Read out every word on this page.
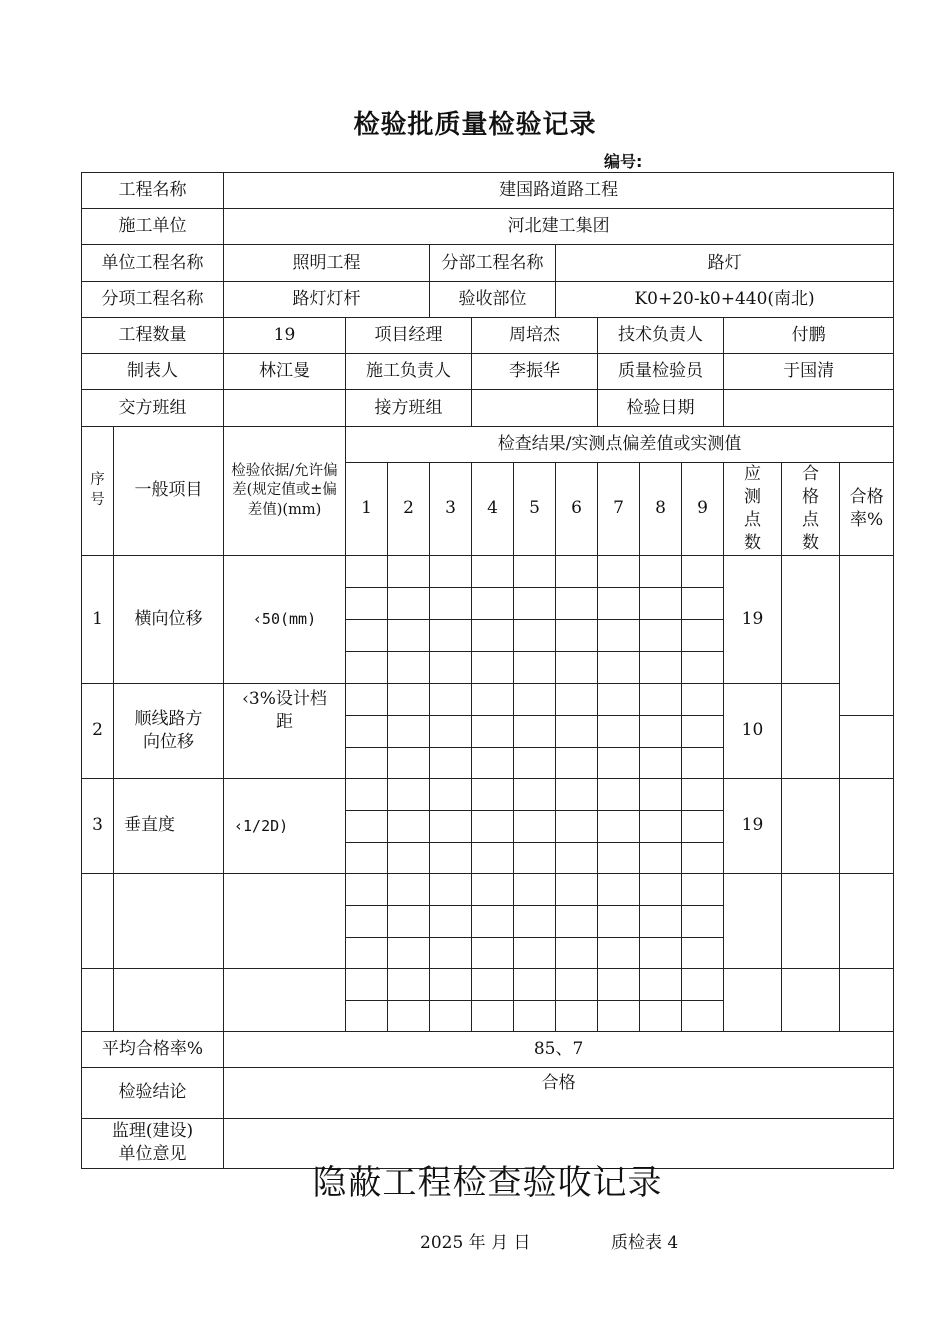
检验批质量检验记录
编号:
工程名称		建国路道路工程												
施工单位		河北建工集团												
单位工程名称		照明工程			分部工程名称			路灯						
分项工程名称		路灯灯杆			验收部位			K0+20-k0+440(南北)						
工程数量		19	项目经理			周培杰			技术负责人			付鹏		
制表人		林江曼	施工负责人			李振华			质量检验员			于国清		
交方班组			接方班组						检验日期					
序号	一般项目	检验依据/允许偏差(规定值或±偏差值)(mm)	检查结果/实测点偏差值或实测值											
			1	2	3	4	5	6	7	8	9	应测点数	合格点数	合格率%
1	横向位移	‹50(mm)										19		

2	顺线路方向位移	‹3%设计档距										10		

3	垂直度	‹1/2D)										19		

平均合格率%		85、7												
检验结论		合格												
监理(建设)单位意见														
隐蔽工程检查验收记录
2025 年 月 日	质检表 4
